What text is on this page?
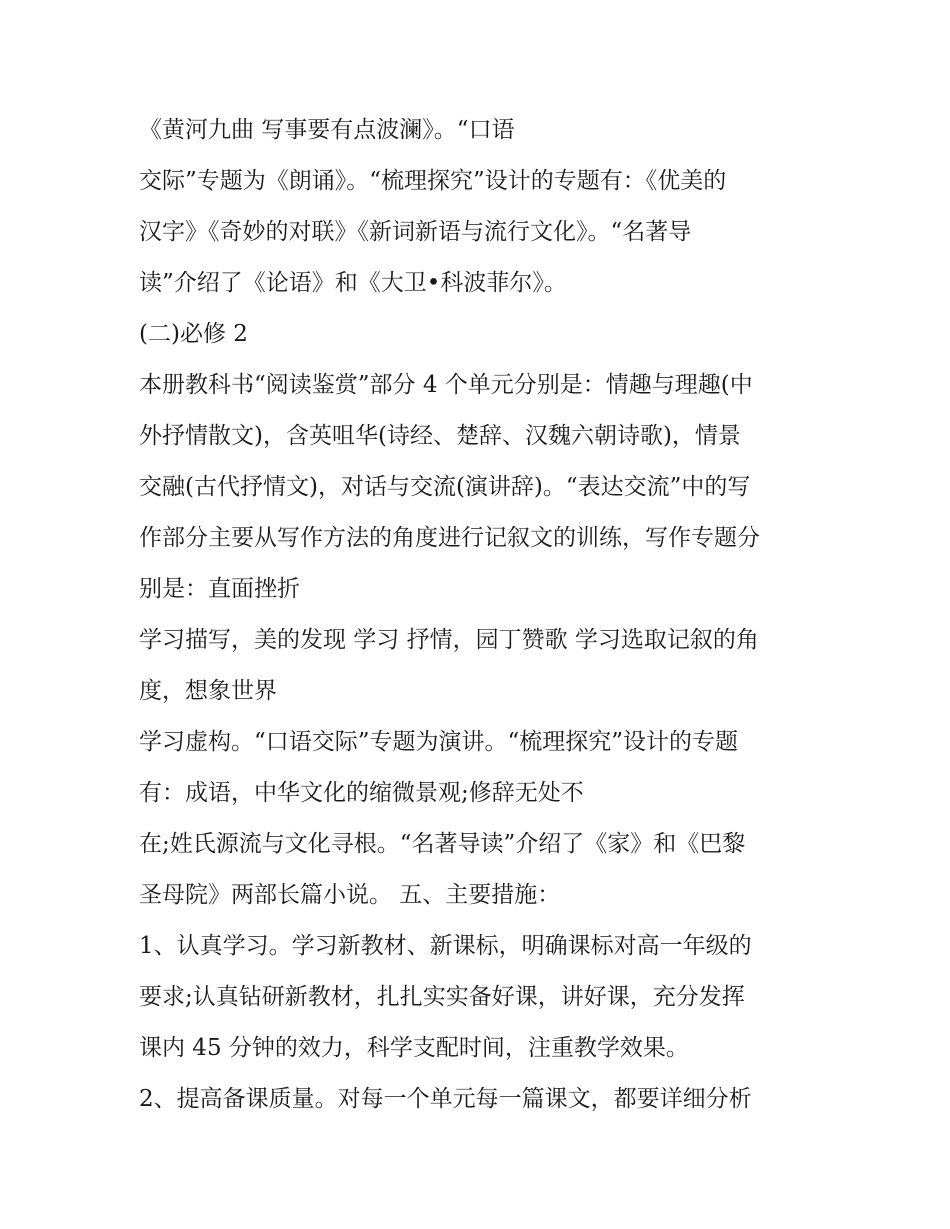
《黄河九曲 写事要有点波澜》。“口语
交际”专题为《朗诵》。“梳理探究”设计的专题有：《优美的
汉字》《奇妙的对联》《新词新语与流行文化》。“名著导
读”介绍了《论语》和《大卫•科波菲尔》。
(二)必修 2
本册教科书“阅读鉴赏”部分 4 个单元分别是：情趣与理趣(中
外抒情散文)，含英咀华(诗经、楚辞、汉魏六朝诗歌)，情景
交融(古代抒情文)，对话与交流(演讲辞)。“表达交流”中的写
作部分主要从写作方法的角度进行记叙文的训练，写作专题分
别是：直面挫折
学习描写，美的发现 学习 抒情，园丁赞歌 学习选取记叙的角
度，想象世界
学习虚构。“口语交际”专题为演讲。“梳理探究”设计的专题
有：成语，中华文化的缩微景观;修辞无处不
在;姓氏源流与文化寻根。“名著导读”介绍了《家》和《巴黎
圣母院》两部长篇小说。 五、主要措施：
1、认真学习。学习新教材、新课标，明确课标对高一年级的
要求;认真钻研新教材，扎扎实实备好课，讲好课，充分发挥
课内 45 分钟的效力，科学支配时间，注重教学效果。
2、提高备课质量。对每一个单元每一篇课文，都要详细分析
